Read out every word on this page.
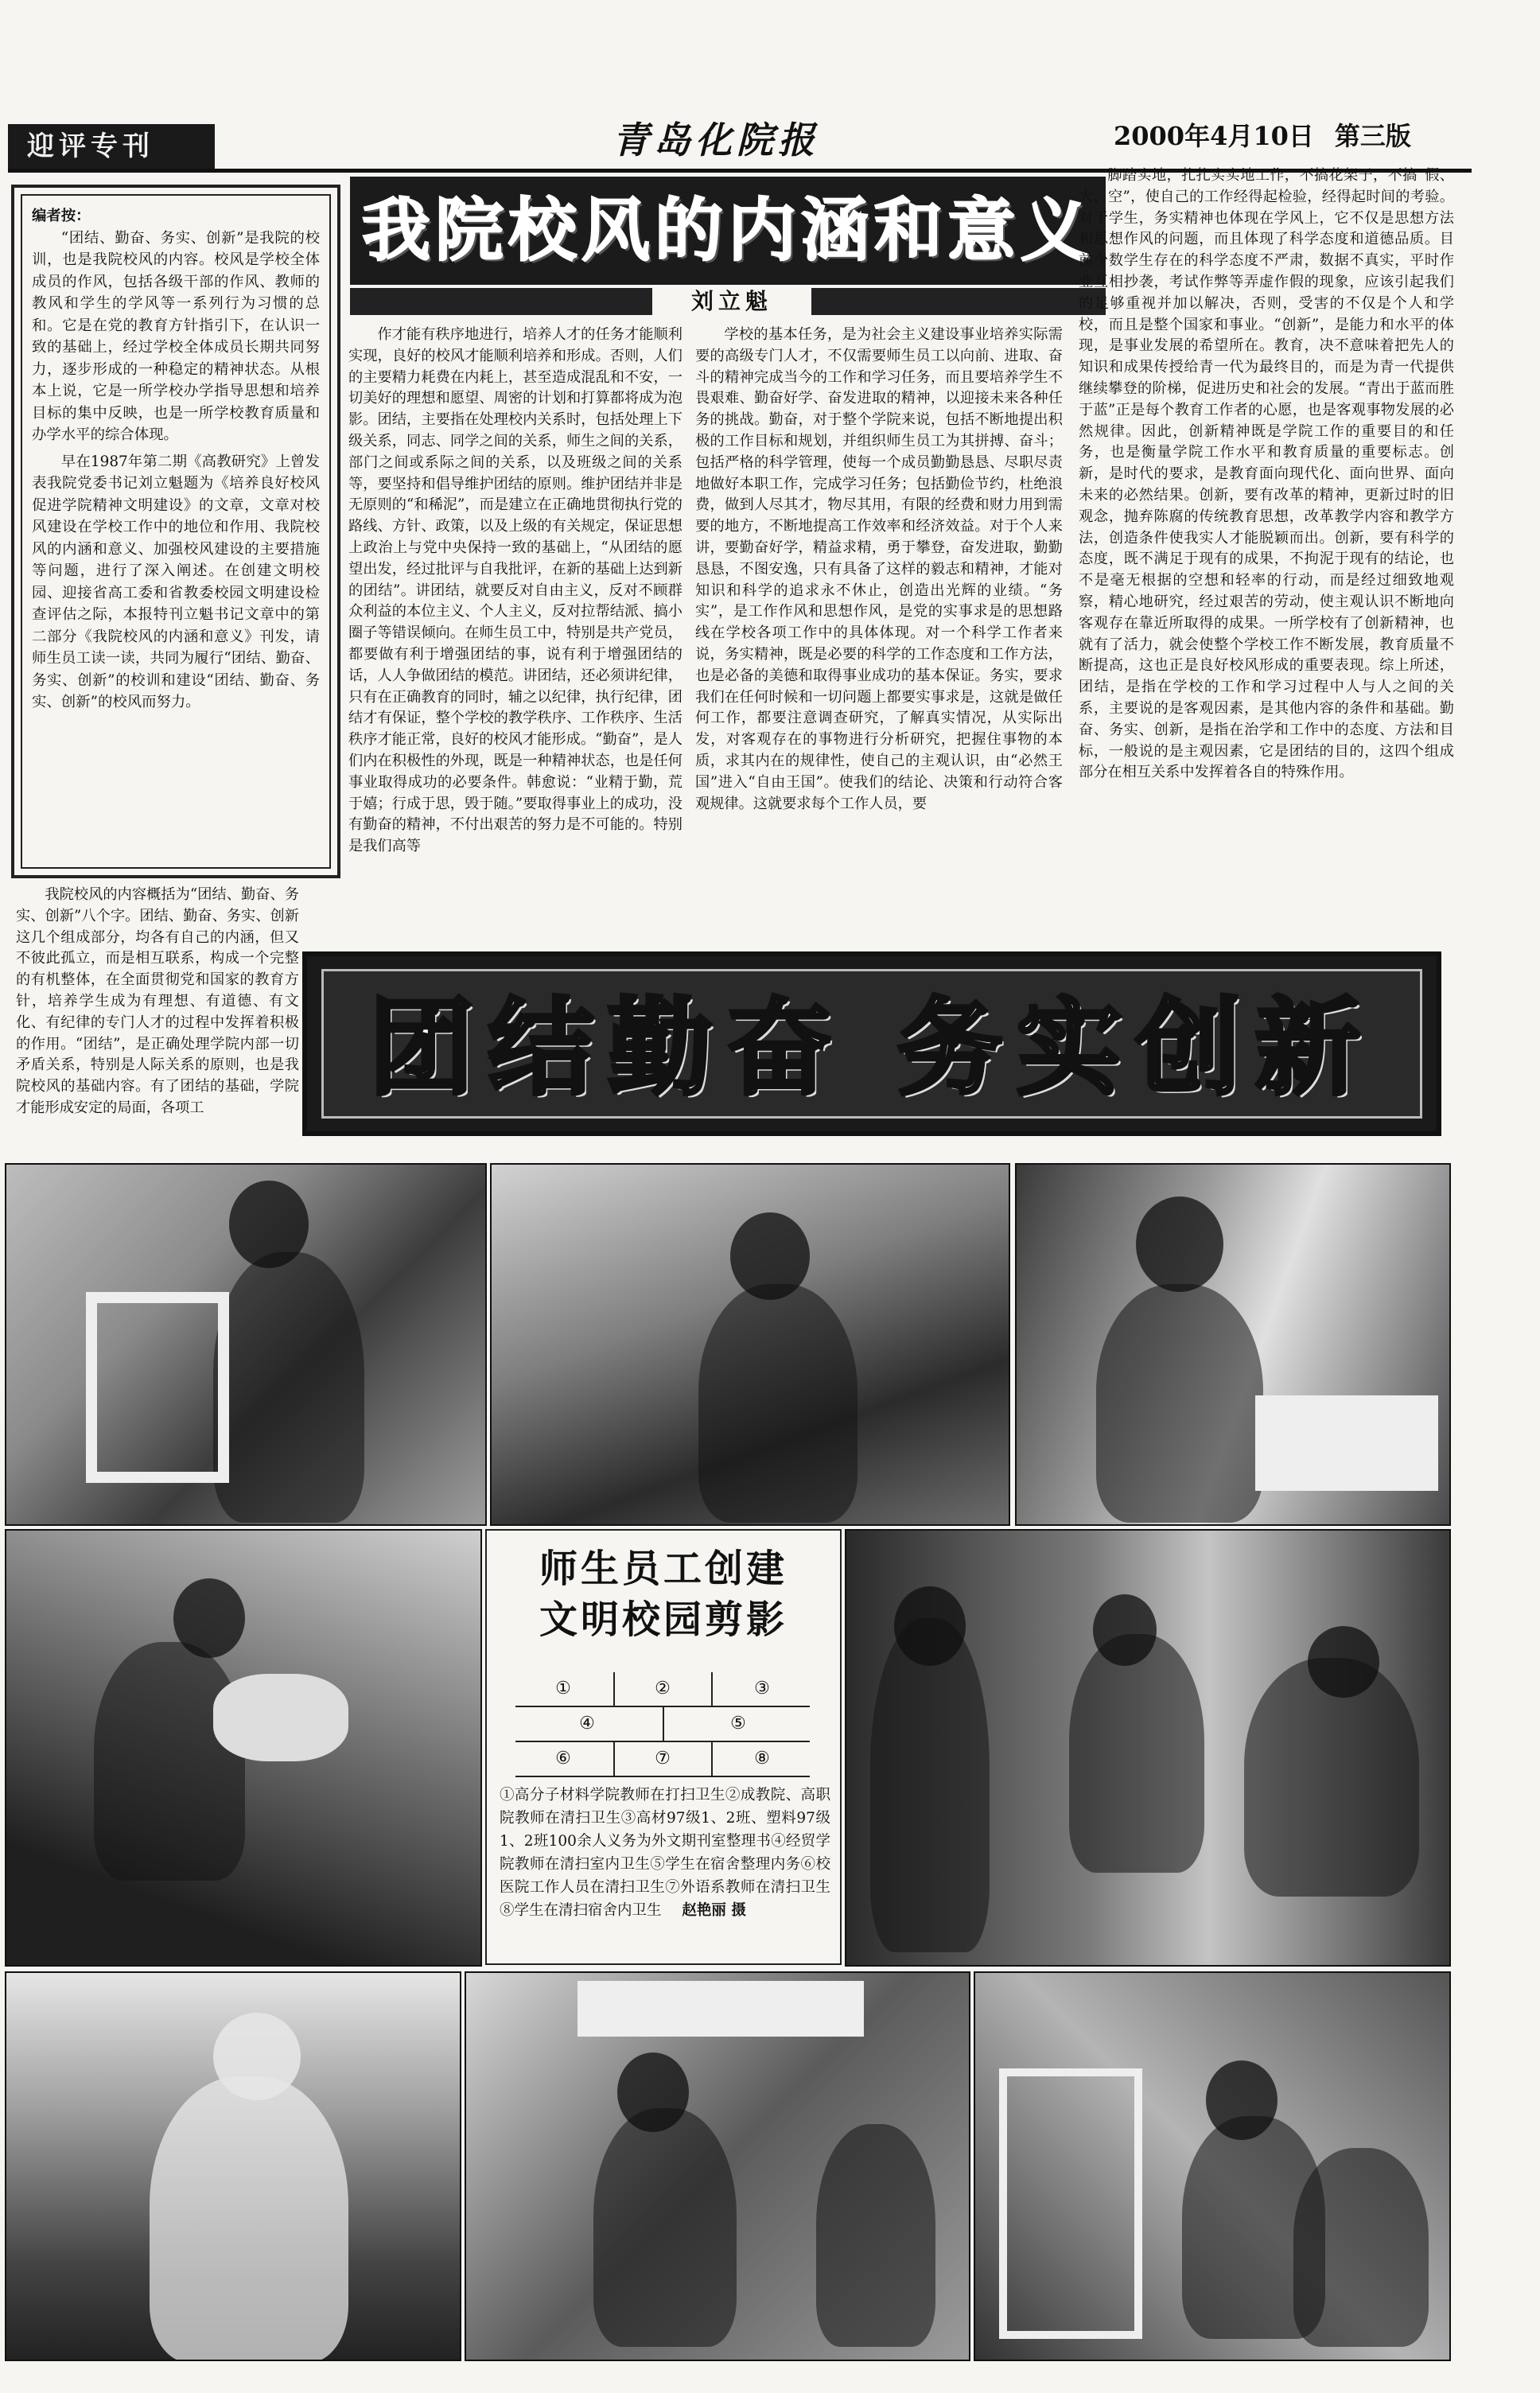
迎评专刊	青岛化院报	2000年4月10日 第三版
编者按：

“团结、勤奋、务实、创新”是我院的校训，也是我院校风的内容。校风是学校全体成员的作风，包括各级干部的作风、教师的教风和学生的学风等一系列行为习惯的总和。它是在党的教育方针指引下，在认识一致的基础上，经过学校全体成员长期共同努力，逐步形成的一种稳定的精神状态。从根本上说，它是一所学校办学指导思想和培养目标的集中反映，也是一所学校教育质量和办学水平的综合体现。

早在1987年第二期《高教研究》上曾发表我院党委书记刘立魁题为《培养良好校风促进学院精神文明建设》的文章，文章对校风建设在学校工作中的地位和作用、我院校风的内涵和意义、加强校风建设的主要措施等问题，进行了深入阐述。在创建文明校园、迎接省高工委和省教委校园文明建设检查评估之际，本报特刊立魁书记文章中的第二部分《我院校风的内涵和意义》刊发，请师生员工读一读，共同为履行“团结、勤奋、务实、创新”的校训和建设“团结、勤奋、务实、创新”的校风而努力。

我院校风的内涵和意义
刘立魁

我院校风的内容概括为“团结、勤奋、务实、创新”八个字。团结、勤奋、务实、创新这几个组成部分，均各有自己的内涵，但又不彼此孤立，而是相互联系，构成一个完整的有机整体，在全面贯彻党和国家的教育方针，培养学生成为有理想、有道德、有文化、有纪律的专门人才的过程中发挥着积极的作用。“团结”，是正确处理学院内部一切矛盾关系，特别是人际关系的原则，也是我院校风的基础内容。有了团结的基础，学院才能形成安定的局面，各项工

作才能有秩序地进行，培养人才的任务才能顺利实现，良好的校风才能顺利培养和形成。否则，人们的主要精力耗费在内耗上，甚至造成混乱和不安，一切美好的理想和愿望、周密的计划和打算都将成为泡影。团结，主要指在处理校内关系时，包括处理上下级关系，同志、同学之间的关系，师生之间的关系，部门之间或系际之间的关系，以及班级之间的关系等，要坚持和倡导维护团结的原则。维护团结并非是无原则的“和稀泥”，而是建立在正确地贯彻执行党的路线、方针、政策，以及上级的有关规定，保证思想上政治上与党中央保持一致的基础上，“从团结的愿望出发，经过批评与自我批评，在新的基础上达到新的团结”。讲团结，就要反对自由主义，反对不顾群众利益的本位主义、个人主义，反对拉帮结派、搞小圈子等错误倾向。在师生员工中，特别是共产党员，都要做有利于增强团结的事，说有利于增强团结的话，人人争做团结的模范。讲团结，还必须讲纪律，只有在正确教育的同时，辅之以纪律，执行纪律，团结才有保证，整个学校的教学秩序、工作秩序、生活秩序才能正常，良好的校风才能形成。“勤奋”，是人们内在积极性的外现，既是一种精神状态，也是任何事业取得成功的必要条件。韩愈说：“业精于勤，荒于嬉；行成于思，毁于随。”要取得事业上的成功，没有勤奋的精神，不付出艰苦的努力是不可能的。特别是我们高等

学校的基本任务，是为社会主义建设事业培养实际需要的高级专门人才，不仅需要师生员工以向前、进取、奋斗的精神完成当今的工作和学习任务，而且要培养学生不畏艰难、勤奋好学、奋发进取的精神，以迎接未来各种任务的挑战。勤奋，对于整个学院来说，包括不断地提出积极的工作目标和规划，并组织师生员工为其拼搏、奋斗；包括严格的科学管理，使每一个成员勤勤恳恳、尽职尽责地做好本职工作，完成学习任务；包括勤俭节约，杜绝浪费，做到人尽其才，物尽其用，有限的经费和财力用到需要的地方，不断地提高工作效率和经济效益。对于个人来讲，要勤奋好学，精益求精，勇于攀登，奋发进取，勤勤恳恳，不图安逸，只有具备了这样的毅志和精神，才能对知识和科学的追求永不休止，创造出光辉的业绩。“务实”，是工作作风和思想作风，是党的实事求是的思想路线在学校各项工作中的具体体现。对一个科学工作者来说，务实精神，既是必要的科学的工作态度和工作方法，也是必备的美德和取得事业成功的基本保证。务实，要求我们在任何时候和一切问题上都要实事求是，这就是做任何工作，都要注意调查研究，了解真实情况，从实际出发，对客观存在的事物进行分析研究，把握住事物的本质，求其内在的规律性，使自己的主观认识，由“必然王国”进入“自由王国”。使我们的结论、决策和行动符合客观规律。这就要求每个工作人员，要

脚踏实地，扎扎实实地工作，不搞花架子，不搞“假、大、空”，使自己的工作经得起检验，经得起时间的考验。对于学生，务实精神也体现在学风上，它不仅是思想方法和思想作风的问题，而且体现了科学态度和道德品质。目前少数学生存在的科学态度不严肃，数据不真实，平时作业互相抄袭，考试作弊等弄虚作假的现象，应该引起我们的足够重视并加以解决，否则，受害的不仅是个人和学校，而且是整个国家和事业。“创新”，是能力和水平的体现，是事业发展的希望所在。教育，决不意味着把先人的知识和成果传授给青一代为最终目的，而是为青一代提供继续攀登的阶梯，促进历史和社会的发展。“青出于蓝而胜于蓝”正是每个教育工作者的心愿，也是客观事物发展的必然规律。因此，创新精神既是学院工作的重要目的和任务，也是衡量学院工作水平和教育质量的重要标志。创新，是时代的要求，是教育面向现代化、面向世界、面向未来的必然结果。创新，要有改革的精神，更新过时的旧观念，抛弃陈腐的传统教育思想，改革教学内容和教学方法，创造条件使我实人才能脱颖而出。创新，要有科学的态度，既不满足于现有的成果，不拘泥于现有的结论，也不是毫无根据的空想和轻率的行动，而是经过细致地观察，精心地研究，经过艰苦的劳动，使主观认识不断地向客观存在靠近所取得的成果。一所学校有了创新精神，也就有了活力，就会使整个学校工作不断发展，教育质量不断提高，这也正是良好校风形成的重要表现。综上所述，团结，是指在学校的工作和学习过程中人与人之间的关系，主要说的是客观因素，是其他内容的条件和基础。勤奋、务实、创新，是指在治学和工作中的态度、方法和目标，一般说的是主观因素，它是团结的目的，这四个组成部分在相互关系中发挥着各自的特殊作用。

团结勤奋 务实创新
师生员工创建
文明校园剪影
①	②	③
④	⑤
⑥	⑦	⑧
①高分子材料学院教师在打扫卫生②成教院、高职院教师在清扫卫生③高材97级1、2班、塑料97级1、2班100余人义务为外文期刊室整理书④经贸学院教师在清扫室内卫生⑤学生在宿舍整理内务⑥校医院工作人员在清扫卫生⑦外语系教师在清扫卫生⑧学生在清扫宿舍内卫生 赵艳丽 摄
